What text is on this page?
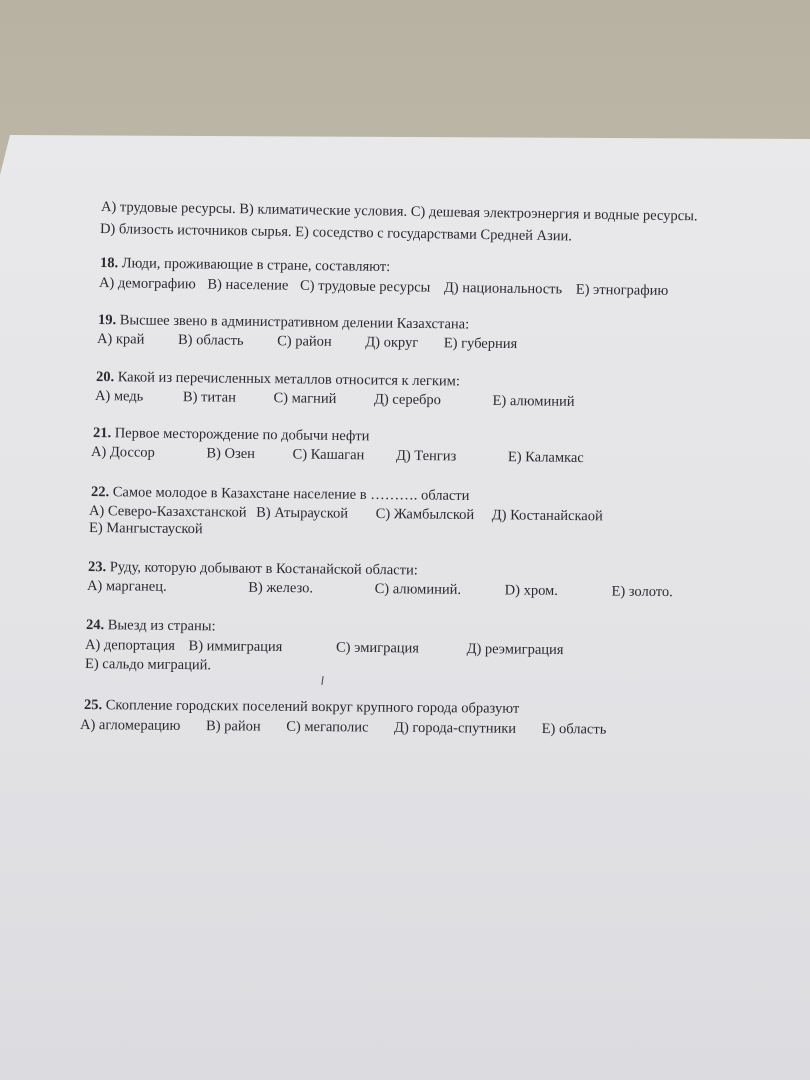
A) трудовые ресурсы. B) климатические условия. C) дешевая электроэнергия и водные ресурсы.
D) близость источников сырья. E) соседство с государствами Средней Азии.
18. Люди, проживающие в стране, составляют:
A) демографию B) население C) трудовые ресурсы Д) национальность E) этнографию
19. Высшее звено в административном делении Казахстана:
A) край B) область C) район Д) округ E) губерния
20. Какой из перечисленных металлов относится к легким:
A) медь	B) титан	C) магний	Д) серебро	E) алюминий
21. Первое месторождение по добычи нефти
A) Доссор	B) Озен	C) Кашаган Д) Тенгиз	E) Каламкас
22. Самое молодое в Казахстане население в ………. области
A) Северо-Казахстанской B) Атырауской C) Жамбылской Д) Костанайскаой
E) Мангыстауской
23. Руду, которую добывают в Костанайской области:
A) марганец.	B) железо.	C) алюминий.	D) хром.	E) золото.
24. Выезд из страны:
A) депортация B) иммиграция	C) эмиграция	Д) реэмиграция
E) сальдо миграций.
25. Скопление городских поселений вокруг крупного города образуют
A) агломерацию B) район C) мегаполис Д) города-спутники E) область
